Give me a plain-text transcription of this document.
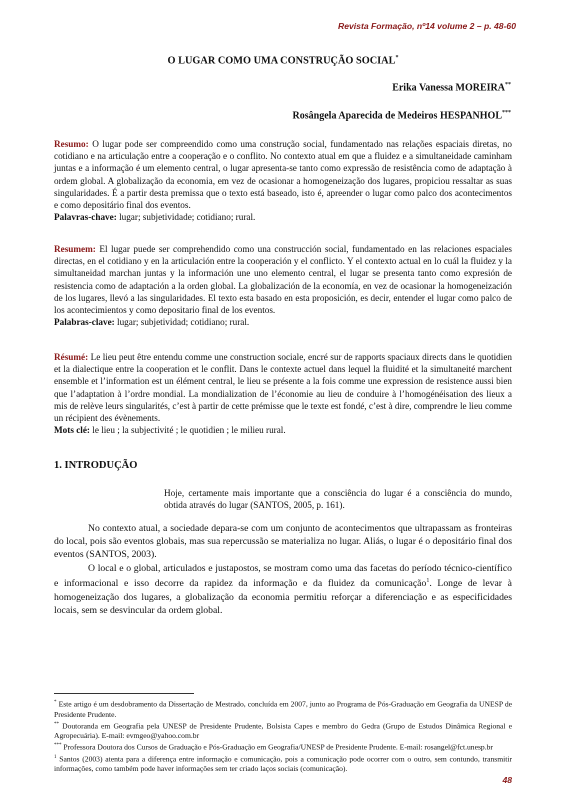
Revista Formação, nº14 volume 2 – p. 48-60
O LUGAR COMO UMA CONSTRUÇÃO SOCIAL*
Erika Vanessa MOREIRA**
Rosângela Aparecida de Medeiros HESPANHOL***

Resumo: O lugar pode ser compreendido como uma construção social, fundamentado nas relações espaciais diretas, no cotidiano e na articulação entre a cooperação e o conflito. No contexto atual em que a fluidez e a simultaneidade caminham juntas e a informação é um elemento central, o lugar apresenta-se tanto como expressão de resistência como de adaptação à ordem global. A globalização da economia, em vez de ocasionar a homogeneização dos lugares, propiciou ressaltar as suas singularidades. É a partir desta premissa que o texto está baseado, isto é, apreender o lugar como palco dos acontecimentos e como depositário final dos eventos.

Palavras-chave: lugar; subjetividade; cotidiano; rural.

Resumem: El lugar puede ser comprehendido como una construcción social, fundamentado en las relaciones espaciales directas, en el cotidiano y en la articulación entre la cooperación y el conflicto. Y el contexto actual en lo cuál la fluidez y la simultaneidad marchan juntas y la información une uno elemento central, el lugar se presenta tanto como expresión de resistencia como de adaptación a la orden global. La globalización de la economía, en vez de ocasionar la homogeneización de los lugares, llevó a las singularidades. El texto esta basado en esta proposición, es decir, entender el lugar como palco de los acontecimientos y como depositario final de los eventos.

Palabras-clave: lugar; subjetividad; cotidiano; rural.

Résumé: Le lieu peut être entendu comme une construction sociale, encré sur de rapports spaciaux directs dans le quotidien et la dialectique entre la cooperation et le conflit. Dans le contexte actuel dans lequel la fluidité et la simultaneité marchent ensemble et l’information est un élément central, le lieu se présente a la fois comme une expression de resistence aussi bien que l’adaptation à l’ordre mondial. La mondialization de l’économie au lieu de conduire à l’homogénéisation des lieux a mis de relève leurs singularités, c’est à partir de cette prémisse que le texte est fondé, c’est à dire, comprendre le lieu comme un récipient des évènements.

Mots clé: le lieu ; la subjectivité ; le quotidien ; le milieu rural.

1. INTRODUÇÃO
Hoje, certamente mais importante que a consciência do lugar é a consciência do mundo, obtida através do lugar (SANTOS, 2005, p. 161).

No contexto atual, a sociedade depara-se com um conjunto de acontecimentos que ultrapassam as fronteiras do local, pois são eventos globais, mas sua repercussão se materializa no lugar. Aliás, o lugar é o depositário final dos eventos (SANTOS, 2003).

O local e o global, articulados e justapostos, se mostram como uma das facetas do período técnico-científico e informacional e isso decorre da rapidez da informação e da fluidez da comunicação$^1$. Longe de levar à homogeneização dos lugares, a globalização da economia permitiu reforçar a diferenciação e as especificidades locais, sem se desvincular da ordem global.

* Este artigo é um desdobramento da Dissertação de Mestrado, concluída em 2007, junto ao Programa de Pós-Graduação em Geografia da UNESP de Presidente Prudente.

** Doutoranda em Geografia pela UNESP de Presidente Prudente, Bolsista Capes e membro do Gedra (Grupo de Estudos Dinâmica Regional e Agropecuária). E-mail: evmgeo@yahoo.com.br

*** Professora Doutora dos Cursos de Graduação e Pós-Graduação em Geografia/UNESP de Presidente Prudente. E-mail: rosangel@fct.unesp.br

$^1$ Santos (2003) atenta para a diferença entre informação e comunicação, pois a comunicação pode ocorrer com o outro, sem contundo, transmitir informações, como também pode haver informações sem ter criado laços sociais (comunicação).

48
